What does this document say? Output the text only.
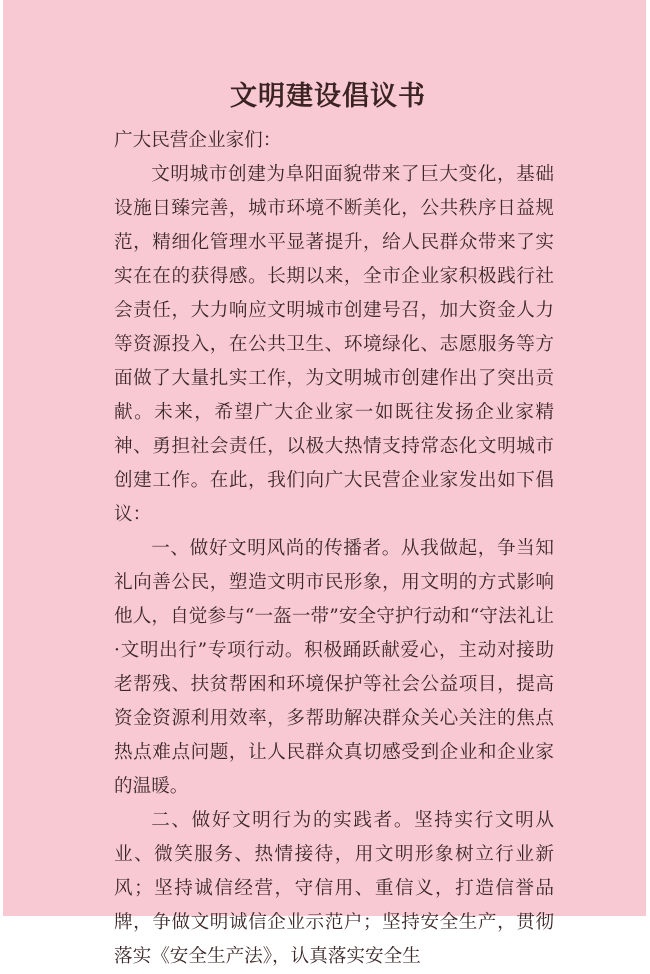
文明建设倡议书

广大民营企业家们：

文明城市创建为阜阳面貌带来了巨大变化，基础设施日臻完善，城市环境不断美化，公共秩序日益规范，精细化管理水平显著提升，给人民群众带来了实实在在的获得感。长期以来，全市企业家积极践行社会责任，大力响应文明城市创建号召，加大资金人力等资源投入，在公共卫生、环境绿化、志愿服务等方面做了大量扎实工作，为文明城市创建作出了突出贡献。未来，希望广大企业家一如既往发扬企业家精神、勇担社会责任，以极大热情支持常态化文明城市创建工作。在此，我们向广大民营企业家发出如下倡议：

一、做好文明风尚的传播者。从我做起，争当知礼向善公民，塑造文明市民形象，用文明的方式影响他人，自觉参与“一盔一带”安全守护行动和“守法礼让·文明出行”专项行动。积极踊跃献爱心，主动对接助老帮残、扶贫帮困和环境保护等社会公益项目，提高资金资源利用效率，多帮助解决群众关心关注的焦点热点难点问题，让人民群众真切感受到企业和企业家的温暖。

二、做好文明行为的实践者。坚持实行文明从业、微笑服务、热情接待，用文明形象树立行业新风；坚持诚信经营，守信用、重信义，打造信誉品牌，争做文明诚信企业示范户；坚持安全生产，贯彻落实《安全生产法》，认真落实安全生
